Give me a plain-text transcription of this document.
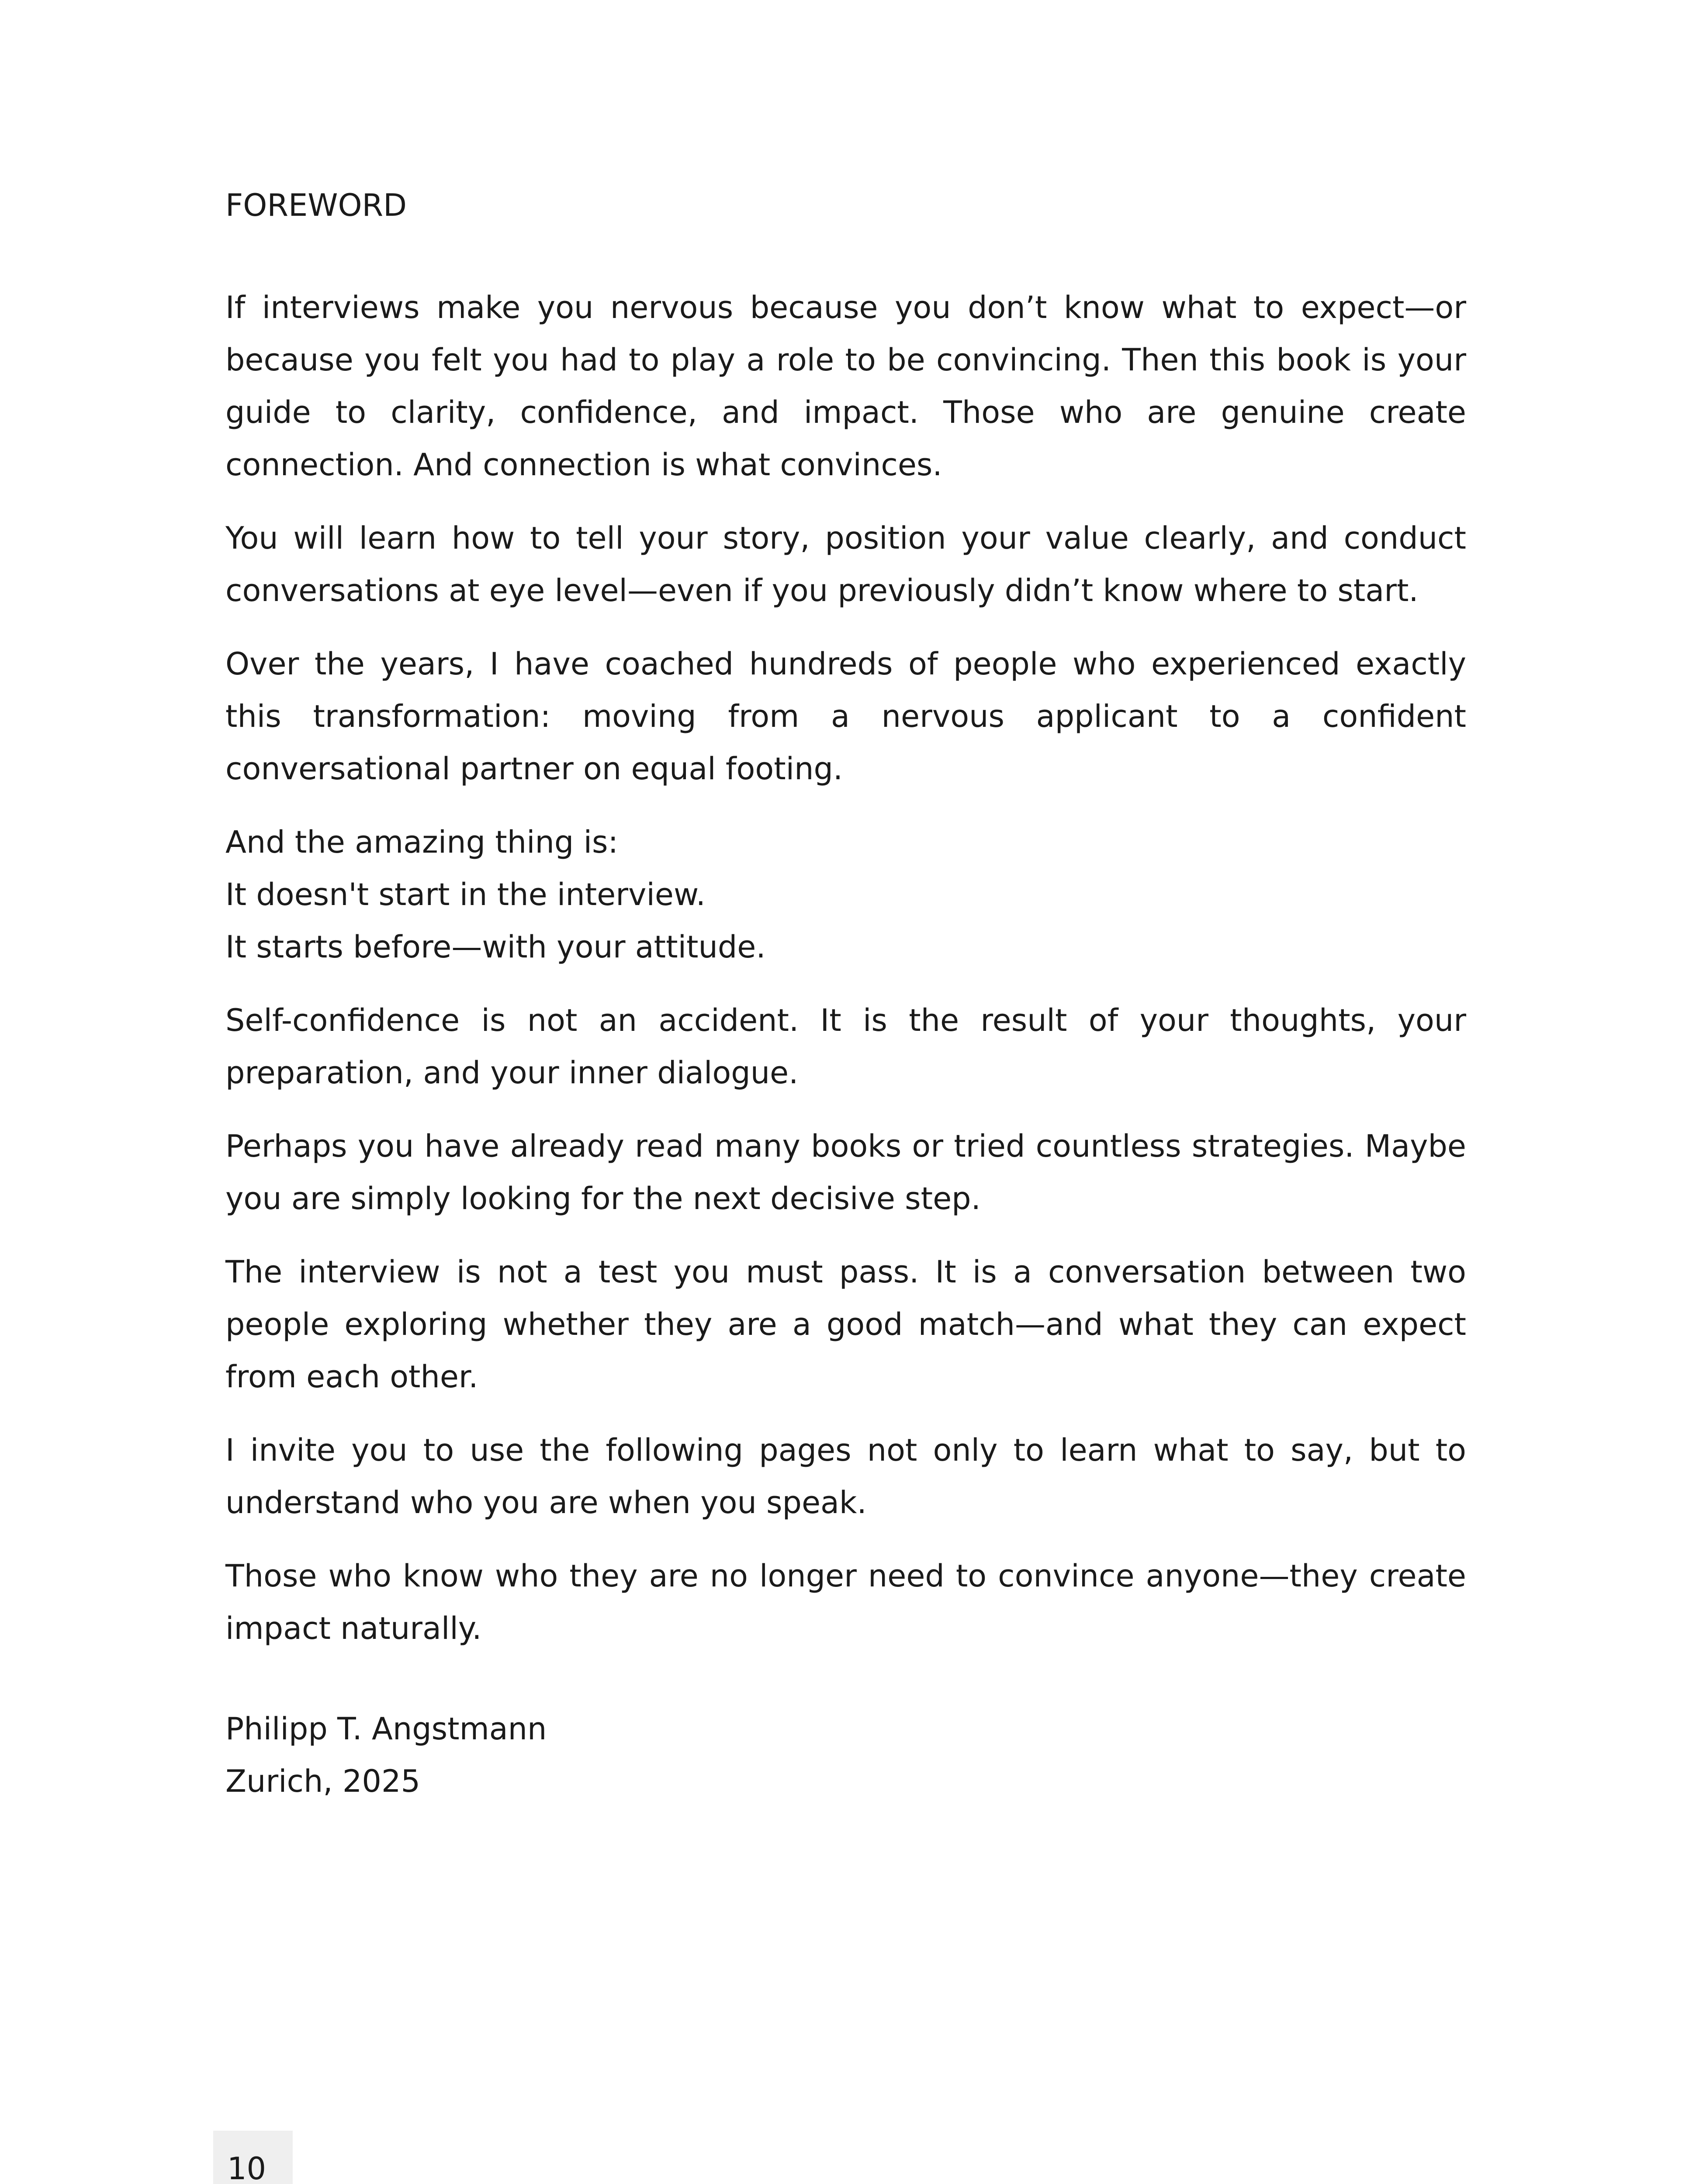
FOREWORD

If interviews make you nervous because you don’t know what to expect—or because you felt you had to play a role to be convincing. Then this book is your guide to clarity, confidence, and impact. Those who are genuine create connection. And connection is what convinces.

You will learn how to tell your story, position your value clearly, and conduct conversations at eye level—even if you previously didn’t know where to start.

Over the years, I have coached hundreds of people who experienced exactly this transformation: moving from a nervous applicant to a confident conversational partner on equal footing.

And the amazing thing is:
It doesn't start in the interview.
It starts before—with your attitude.

Self-confidence is not an accident. It is the result of your thoughts, your preparation, and your inner dialogue.

Perhaps you have already read many books or tried countless strategies. Maybe you are simply looking for the next decisive step.

The interview is not a test you must pass. It is a conversation between two people exploring whether they are a good match—and what they can expect from each other.

I invite you to use the following pages not only to learn what to say, but to understand who you are when you speak.

Those who know who they are no longer need to convince anyone—they create impact naturally.

Philipp T. Angstmann
Zurich, 2025
10
